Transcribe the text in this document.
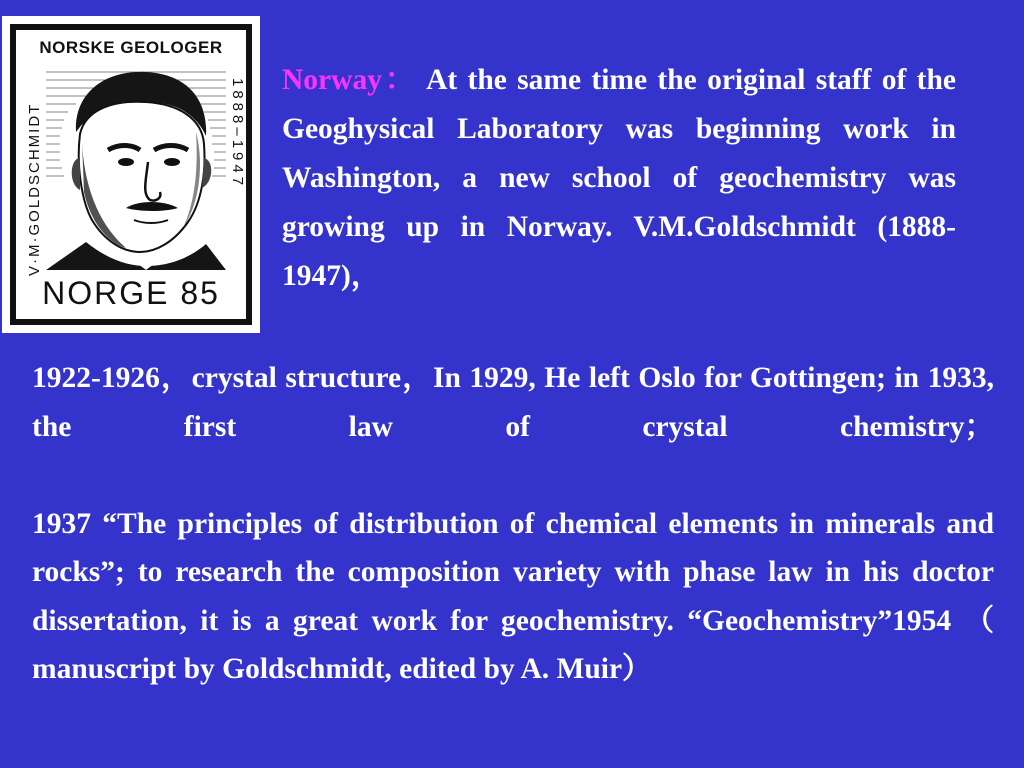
NORSKE GEOLOGER
V·M·GOLDSCHMIDT	1888–1947
NORGE 85

Norway： At the same time the original staff of the Geoghysical Laboratory was beginning work in Washington, a new school of geochemistry was growing up in Norway. V.M.Goldschmidt (1888-1947)，

1922-1926，crystal structure，In 1929, He left Oslo for Gottingen; in 1933, the first law of crystal chemistry；1937 “The principles of distribution of chemical elements in minerals and rocks”; to research the composition variety with phase law in his doctor dissertation, it is a great work for geochemistry. “Geochemistry”1954 （ manuscript by Goldschmidt, edited by A. Muir）
